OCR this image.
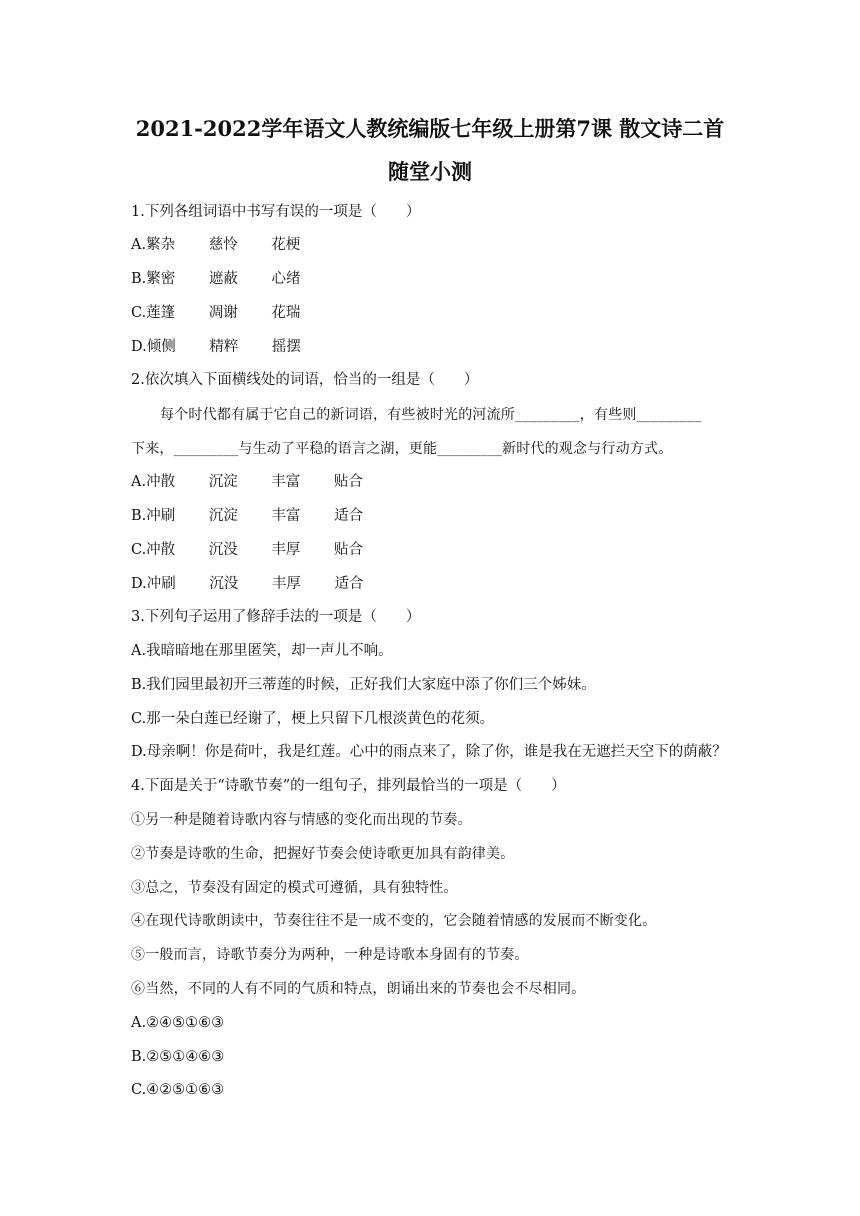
2021-2022学年语文人教统编版七年级上册第7课 散文诗二首
随堂小测
1.下列各组词语中书写有误的一项是（　　）
A.繁杂　　 慈怜　　 花梗
B.繁密　　 遮蔽　　 心绪
C.莲篷　　 凋谢　　 花瑞
D.倾侧　　 精粹　　 摇摆
2.依次填入下面横线处的词语，恰当的一组是（　　）
每个时代都有属于它自己的新词语，有些被时光的河流所_________，有些则_________
下来，_________与生动了平稳的语言之湖，更能_________新时代的观念与行动方式。
A.冲散　　 沉淀　　 丰富　　 贴合
B.冲刷　　 沉淀　　 丰富　　 适合
C.冲散　　 沉没　　 丰厚　　 贴合
D.冲刷　　 沉没　　 丰厚　　 适合
3.下列句子运用了修辞手法的一项是（　　）
A.我暗暗地在那里匿笑，却一声儿不响。
B.我们园里最初开三蒂莲的时候，正好我们大家庭中添了你们三个姊妹。
C.那一朵白莲已经谢了，梗上只留下几根淡黄色的花须。
D.母亲啊！你是荷叶，我是红莲。心中的雨点来了，除了你，谁是我在无遮拦天空下的荫蔽？
4.下面是关于“诗歌节奏”的一组句子，排列最恰当的一项是（　　）
①另一种是随着诗歌内容与情感的变化而出现的节奏。
②节奏是诗歌的生命，把握好节奏会使诗歌更加具有韵律美。
③总之，节奏没有固定的模式可遵循，具有独特性。
④在现代诗歌朗读中，节奏往往不是一成不变的，它会随着情感的发展而不断变化。
⑤一般而言，诗歌节奏分为两种，一种是诗歌本身固有的节奏。
⑥当然，不同的人有不同的气质和特点，朗诵出来的节奏也会不尽相同。
A.②④⑤①⑥③
B.②⑤①④⑥③
C.④②⑤①⑥③
